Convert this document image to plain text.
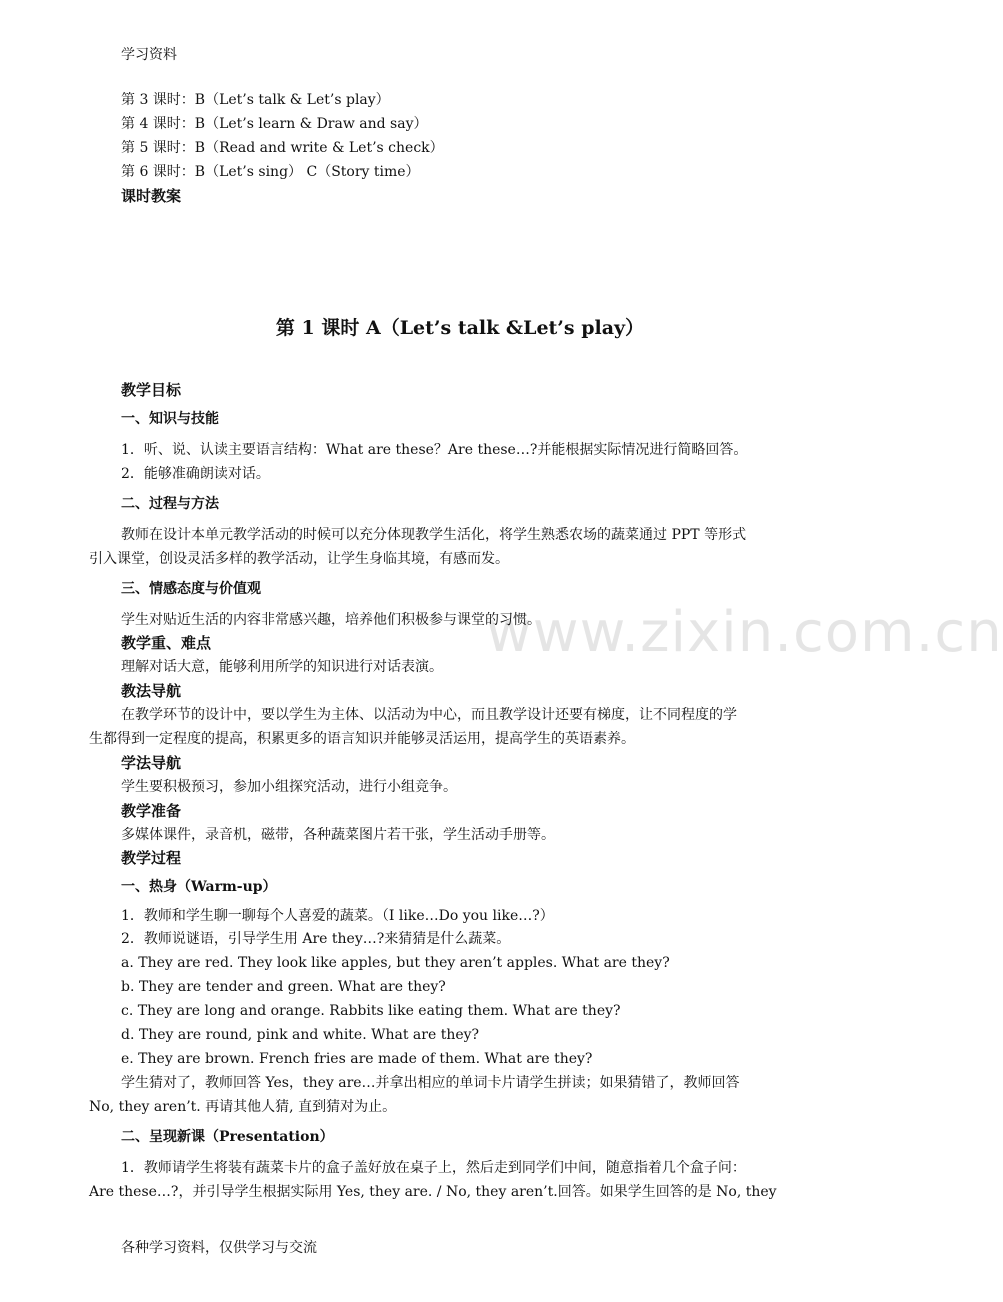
学习资料
第 3 课时：B（Let’s talk & Let’s play）
第 4 课时：B（Let’s learn & Draw and say）
第 5 课时：B（Read and write & Let’s check）
第 6 课时：B（Let’s sing） C（Story time）
课时教案
第 1 课时 A（Let’s talk &Let’s play）
教学目标
一、知识与技能
1．听、说、认读主要语言结构：What are these？Are these…?并能根据实际情况进行简略回答。
2．能够准确朗读对话。
二、过程与方法
教师在设计本单元教学活动的时候可以充分体现教学生活化，将学生熟悉农场的蔬菜通过 PPT 等形式
引入课堂，创设灵活多样的教学活动，让学生身临其境，有感而发。
三、情感态度与价值观
学生对贴近生活的内容非常感兴趣，培养他们积极参与课堂的习惯。
教学重、难点
理解对话大意，能够利用所学的知识进行对话表演。
教法导航
在教学环节的设计中，要以学生为主体、以活动为中心，而且教学设计还要有梯度，让不同程度的学
生都得到一定程度的提高，积累更多的语言知识并能够灵活运用，提高学生的英语素养。
学法导航
学生要积极预习，参加小组探究活动，进行小组竞争。
教学准备
多媒体课件，录音机，磁带，各种蔬菜图片若干张，学生活动手册等。
教学过程
一、热身（Warm-up）
1．教师和学生聊一聊每个人喜爱的蔬菜。（I like…Do you like…?）
2．教师说谜语，引导学生用 Are they…?来猜猜是什么蔬菜。
a. They are red. They look like apples, but they aren’t apples. What are they?
b. They are tender and green. What are they?
c. They are long and orange. Rabbits like eating them. What are they?
d. They are round, pink and white. What are they?
e. They are brown. French fries are made of them. What are they?
学生猜对了，教师回答 Yes，they are…并拿出相应的单词卡片请学生拼读；如果猜错了，教师回答
No, they aren’t. 再请其他人猜, 直到猜对为止。
二、呈现新课（Presentation）
1．教师请学生将装有蔬菜卡片的盒子盖好放在桌子上，然后走到同学们中间，随意指着几个盒子问：
Are these…?，并引导学生根据实际用 Yes, they are. / No, they aren’t.回答。如果学生回答的是 No, they
各种学习资料，仅供学习与交流
www.zixin.com.cn
